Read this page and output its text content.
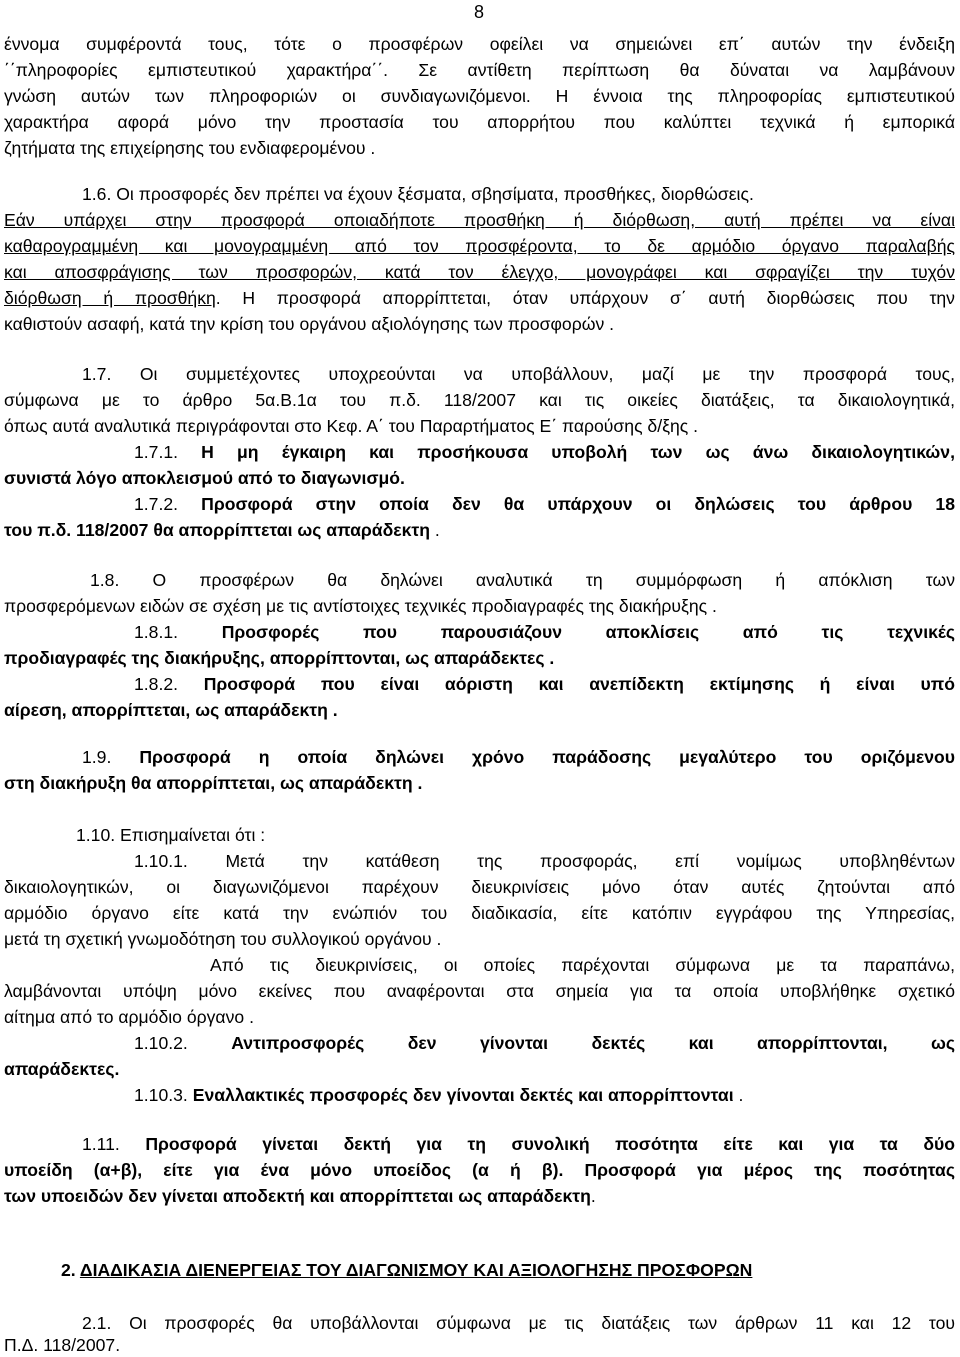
8
έννομα συμφέροντά τους, τότε ο προσφέρων οφείλει να σημειώνει επ΄ αυτών την ένδειξη
΄΄πληροφορίες εμπιστευτικού χαρακτήρα΄΄. Σε αντίθετη περίπτωση θα δύναται να λαμβάνουν
γνώση αυτών των πληροφοριών οι συνδιαγωνιζόμενοι. Η έννοια της πληροφορίας εμπιστευτικού
χαρακτήρα αφορά μόνο την προστασία του απορρήτου που καλύπτει τεχνικά ή εμπορικά
ζητήματα της επιχείρησης του ενδιαφερομένου .
1.6. Οι προσφορές δεν πρέπει να έχουν ξέσματα, σβησίματα, προσθήκες, διορθώσεις.
Εάν υπάρχει στην προσφορά οποιαδήποτε προσθήκη ή διόρθωση, αυτή πρέπει να είναι
καθαρογραμμένη και μονογραμμένη από τον προσφέροντα, το δε αρμόδιο όργανο παραλαβής
και αποσφράγισης των προσφορών, κατά τον έλεγχο, μονογράφει και σφραγίζει την τυχόν
διόρθωση ή προσθήκη. Η προσφορά απορρίπτεται, όταν υπάρχουν σ΄ αυτή διορθώσεις που την
καθιστούν ασαφή, κατά την κρίση του οργάνου αξιολόγησης των προσφορών .
1.7. Οι συμμετέχοντες υποχρεούνται να υποβάλλουν, μαζί με την προσφορά τους,
σύμφωνα με το άρθρο 5α.Β.1α του π.δ. 118/2007 και τις οικείες διατάξεις, τα δικαιολογητικά,
όπως αυτά αναλυτικά περιγράφονται στο Κεφ. Α΄ του Παραρτήματος Ε΄ παρούσης δ/ξης .
1.7.1. Η μη έγκαιρη και προσήκουσα υποβολή των ως άνω δικαιολογητικών,
συνιστά λόγο αποκλεισμού από το διαγωνισμό.
1.7.2. Προσφορά στην οποία δεν θα υπάρχουν οι δηλώσεις του άρθρου 18
του π.δ. 118/2007 θα απορρίπτεται ως απαράδεκτη .
1.8. Ο προσφέρων θα δηλώνει αναλυτικά τη συμμόρφωση ή απόκλιση των
προσφερόμενων ειδών σε σχέση με τις αντίστοιχες τεχνικές προδιαγραφές της διακήρυξης .
1.8.1. Προσφορές που παρουσιάζουν αποκλίσεις από τις τεχνικές
προδιαγραφές της διακήρυξης, απορρίπτονται, ως απαράδεκτες .
1.8.2. Προσφορά που είναι αόριστη και ανεπίδεκτη εκτίμησης ή είναι υπό
αίρεση, απορρίπτεται, ως απαράδεκτη .
1.9. Προσφορά η οποία δηλώνει χρόνο παράδοσης μεγαλύτερο του οριζόμενου
στη διακήρυξη θα απορρίπτεται, ως απαράδεκτη .
1.10. Επισημαίνεται ότι :
1.10.1. Μετά την κατάθεση της προσφοράς, επί νομίμως υποβληθέντων
δικαιολογητικών, οι διαγωνιζόμενοι παρέχουν διευκρινίσεις μόνο όταν αυτές ζητούνται από
αρμόδιο όργανο είτε κατά την ενώπιόν του διαδικασία, είτε κατόπιν εγγράφου της Υπηρεσίας,
μετά τη σχετική γνωμοδότηση του συλλογικού οργάνου .
Από τις διευκρινίσεις, οι οποίες παρέχονται σύμφωνα με τα παραπάνω,
λαμβάνονται υπόψη μόνο εκείνες που αναφέρονται στα σημεία για τα οποία υποβλήθηκε σχετικό
αίτημα από το αρμόδιο όργανο .
1.10.2. Αντιπροσφορές δεν γίνονται δεκτές και απορρίπτονται, ως
απαράδεκτες.
1.10.3. Εναλλακτικές προσφορές δεν γίνονται δεκτές και απορρίπτονται .
1.11. Προσφορά γίνεται δεκτή για τη συνολική ποσότητα είτε και για τα δύο
υποείδη (α+β), είτε για ένα μόνο υποείδος (α ή β). Προσφορά για μέρος της ποσότητας
των υποειδών δεν γίνεται αποδεκτή και απορρίπτεται ως απαράδεκτη.
2. ΔΙΑΔΙΚΑΣΙΑ ΔΙΕΝΕΡΓΕΙΑΣ ΤΟΥ ΔΙΑΓΩΝΙΣΜΟΥ ΚΑΙ ΑΞΙΟΛΟΓΗΣΗΣ ΠΡΟΣΦΟΡΩΝ
2.1. Οι προσφορές θα υποβάλλονται σύμφωνα με τις διατάξεις των άρθρων 11 και 12 του
Π.Δ. 118/2007.
